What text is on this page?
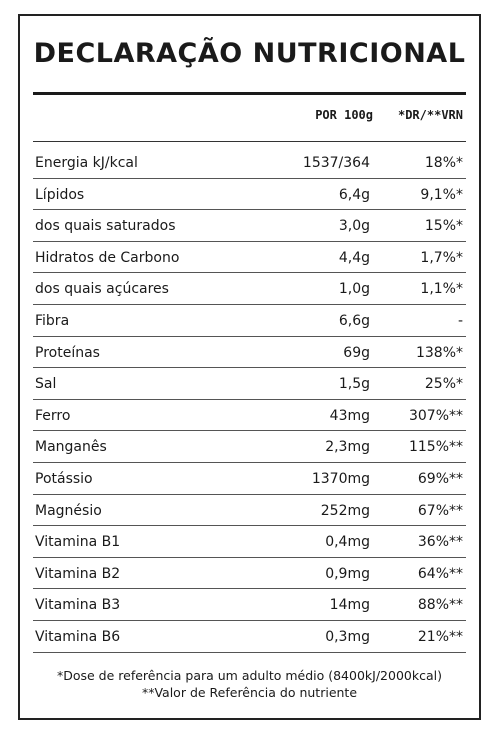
DECLARAÇÃO NUTRICIONAL
POR 100g *DR/**VRN
Energia kJ/kcal	1537/364	18%*
Lípidos	6,4g	9,1%*
dos quais saturados	3,0g	15%*
Hidratos de Carbono	4,4g	1,7%*
dos quais açúcares	1,0g	1,1%*
Fibra	6,6g	-
Proteínas	69g	138%*
Sal	1,5g	25%*
Ferro	43mg	307%**
Manganês	2,3mg	115%**
Potássio	1370mg	69%**
Magnésio	252mg	67%**
Vitamina B1	0,4mg	36%**
Vitamina B2	0,9mg	64%**
Vitamina B3	14mg	88%**
Vitamina B6	0,3mg	21%**
*Dose de referência para um adulto médio (8400kJ/2000kcal)
**Valor de Referência do nutriente
